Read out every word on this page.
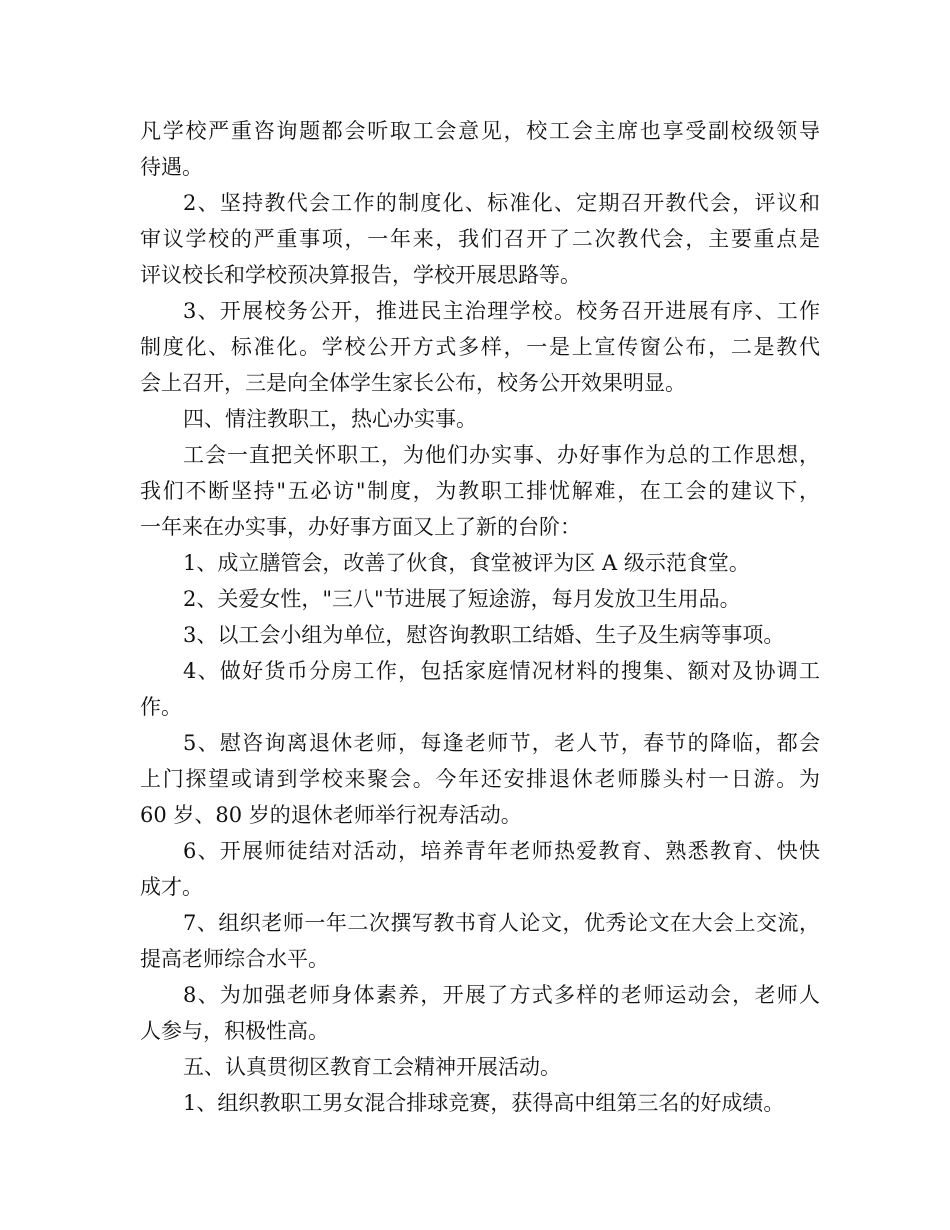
凡学校严重咨询题都会听取工会意见，校工会主席也享受副校级领导
待遇。
2、坚持教代会工作的制度化、标准化、定期召开教代会，评议和
审议学校的严重事项，一年来，我们召开了二次教代会，主要重点是
评议校长和学校预决算报告，学校开展思路等。
3、开展校务公开，推进民主治理学校。校务召开进展有序、工作
制度化、标准化。学校公开方式多样，一是上宣传窗公布，二是教代
会上召开，三是向全体学生家长公布，校务公开效果明显。
四、情注教职工，热心办实事。
工会一直把关怀职工，为他们办实事、办好事作为总的工作思想，
我们不断坚持"五必访"制度，为教职工排忧解难，在工会的建议下，
一年来在办实事，办好事方面又上了新的台阶：
1、成立膳管会，改善了伙食，食堂被评为区 A 级示范食堂。
2、关爱女性，"三八"节进展了短途游，每月发放卫生用品。
3、以工会小组为单位，慰咨询教职工结婚、生子及生病等事项。
4、做好货币分房工作，包括家庭情况材料的搜集、额对及协调工
作。
5、慰咨询离退休老师，每逢老师节，老人节，春节的降临，都会
上门探望或请到学校来聚会。今年还安排退休老师滕头村一日游。为
60 岁、80 岁的退休老师举行祝寿活动。
6、开展师徒结对活动，培养青年老师热爱教育、熟悉教育、快快
成才。
7、组织老师一年二次撰写教书育人论文，优秀论文在大会上交流，
提高老师综合水平。
8、为加强老师身体素养，开展了方式多样的老师运动会，老师人
人参与，积极性高。
五、认真贯彻区教育工会精神开展活动。
1、组织教职工男女混合排球竞赛，获得高中组第三名的好成绩。
